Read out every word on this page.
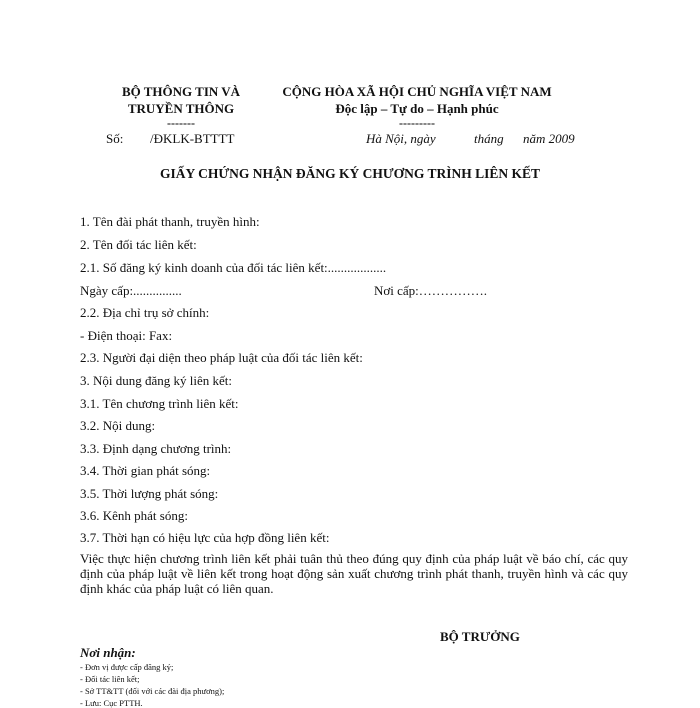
BỘ THÔNG TIN VÀ
TRUYỀN THÔNG
-------
Số: /ĐKLK-BTTTT
CỘNG HÒA XÃ HỘI CHỦ NGHĨA VIỆT NAM
Độc lập – Tự do – Hạnh phúc
---------
Hà Nội, ngày	tháng năm 2009
GIẤY CHỨNG NHẬN ĐĂNG KÝ CHƯƠNG TRÌNH LIÊN KẾT
1. Tên đài phát thanh, truyền hình:
2. Tên đối tác liên kết:
2.1. Số đăng ký kinh doanh của đối tác liên kết:..................
Ngày cấp:...............	Nơi cấp:…………….
2.2. Địa chỉ trụ sở chính:
- Điện thoại: Fax:
2.3. Người đại diện theo pháp luật của đối tác liên kết:
3. Nội dung đăng ký liên kết:
3.1. Tên chương trình liên kết:
3.2. Nội dung:
3.3. Định dạng chương trình:
3.4. Thời gian phát sóng:
3.5. Thời lượng phát sóng:
3.6. Kênh phát sóng:
3.7. Thời hạn có hiệu lực của hợp đồng liên kết:
Việc thực hiện chương trình liên kết phải tuân thủ theo đúng quy định của pháp luật về báo chí, các quy định của pháp luật về liên kết trong hoạt động sản xuất chương trình phát thanh, truyền hình và các quy định khác của pháp luật có liên quan.
BỘ TRƯỞNG
Nơi nhận:
- Đơn vị được cấp đăng ký;
- Đối tác liên kết;
- Sở TT&TT (đối với các đài địa phương);
- Lưu: Cục PTTH.
